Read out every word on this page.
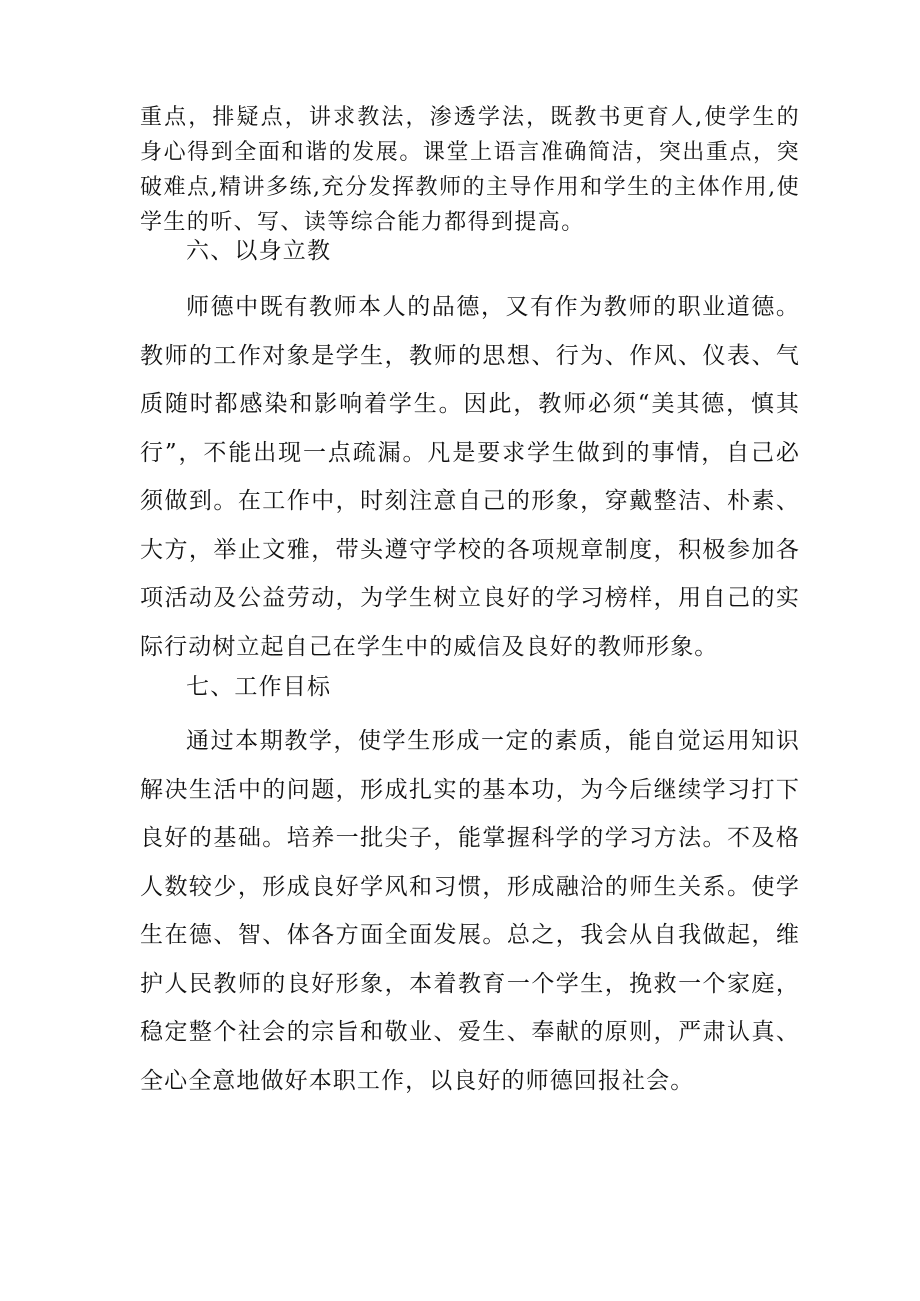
重点，排疑点，讲求教法，渗透学法，既教书更育人,使学生的身心得到全面和谐的发展。课堂上语言准确简洁，突出重点，突破难点,精讲多练,充分发挥教师的主导作用和学生的主体作用,使学生的听、写、读等综合能力都得到提高。

六、以身立教

师德中既有教师本人的品德，又有作为教师的职业道德。教师的工作对象是学生，教师的思想、行为、作风、仪表、气质随时都感染和影响着学生。因此，教师必须“美其德，慎其行”，不能出现一点疏漏。凡是要求学生做到的事情，自己必须做到。在工作中，时刻注意自己的形象，穿戴整洁、朴素、大方，举止文雅，带头遵守学校的各项规章制度，积极参加各项活动及公益劳动，为学生树立良好的学习榜样，用自己的实际行动树立起自己在学生中的威信及良好的教师形象。

七、工作目标

通过本期教学，使学生形成一定的素质，能自觉运用知识解决生活中的问题，形成扎实的基本功，为今后继续学习打下良好的基础。培养一批尖子，能掌握科学的学习方法。不及格人数较少，形成良好学风和习惯，形成融洽的师生关系。使学生在德、智、体各方面全面发展。总之，我会从自我做起，维护人民教师的良好形象，本着教育一个学生，挽救一个家庭，稳定整个社会的宗旨和敬业、爱生、奉献的原则，严肃认真、全心全意地做好本职工作，以良好的师德回报社会。
